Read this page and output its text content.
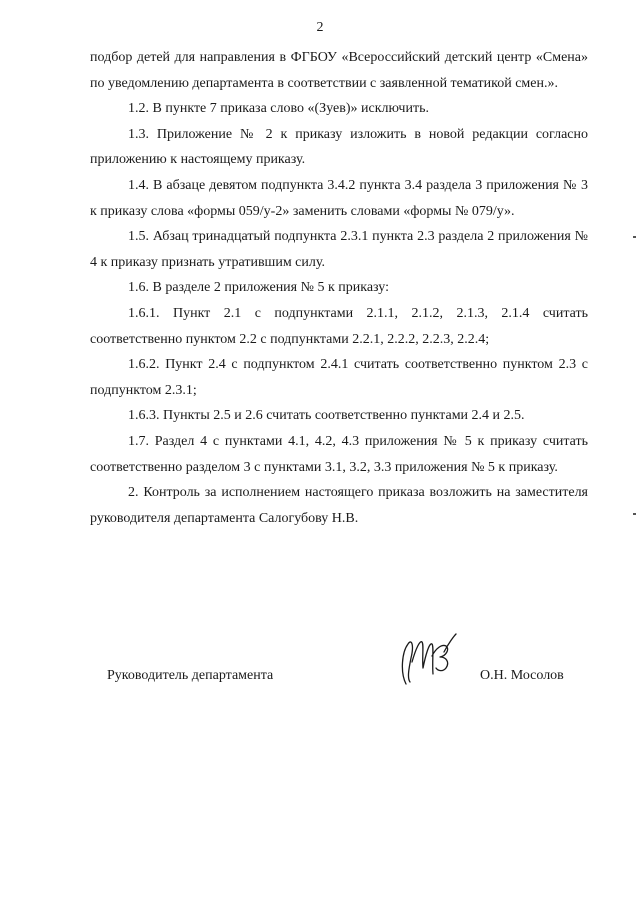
2

подбор детей для направления в ФГБОУ «Всероссийский детский центр «Смена» по уведомлению департамента в соответствии с заявленной тематикой смен.».

1.2. В пункте 7 приказа слово «(Зуев)» исключить.

1.3. Приложение № 2 к приказу изложить в новой редакции согласно приложению к настоящему приказу.

1.4. В абзаце девятом подпункта 3.4.2 пункта 3.4 раздела 3 приложения № 3 к приказу слова «формы 059/у-2» заменить словами «формы № 079/у».

1.5. Абзац тринадцатый подпункта 2.3.1 пункта 2.3 раздела 2 приложения № 4 к приказу признать утратившим силу.

1.6. В разделе 2 приложения № 5 к приказу:

1.6.1. Пункт 2.1 с подпунктами 2.1.1, 2.1.2, 2.1.3, 2.1.4 считать соответственно пунктом 2.2 с подпунктами 2.2.1, 2.2.2, 2.2.3, 2.2.4;

1.6.2. Пункт 2.4 с подпунктом 2.4.1 считать соответственно пунктом 2.3 с подпунктом 2.3.1;

1.6.3. Пункты 2.5 и 2.6 считать соответственно пунктами 2.4 и 2.5.

1.7. Раздел 4 с пунктами 4.1, 4.2, 4.3 приложения № 5 к приказу считать соответственно разделом 3 с пунктами 3.1, 3.2, 3.3 приложения № 5 к приказу.

2. Контроль за исполнением настоящего приказа возложить на заместителя руководителя департамента Салогубову Н.В.

Руководитель департамента	О.Н. Мосолов
